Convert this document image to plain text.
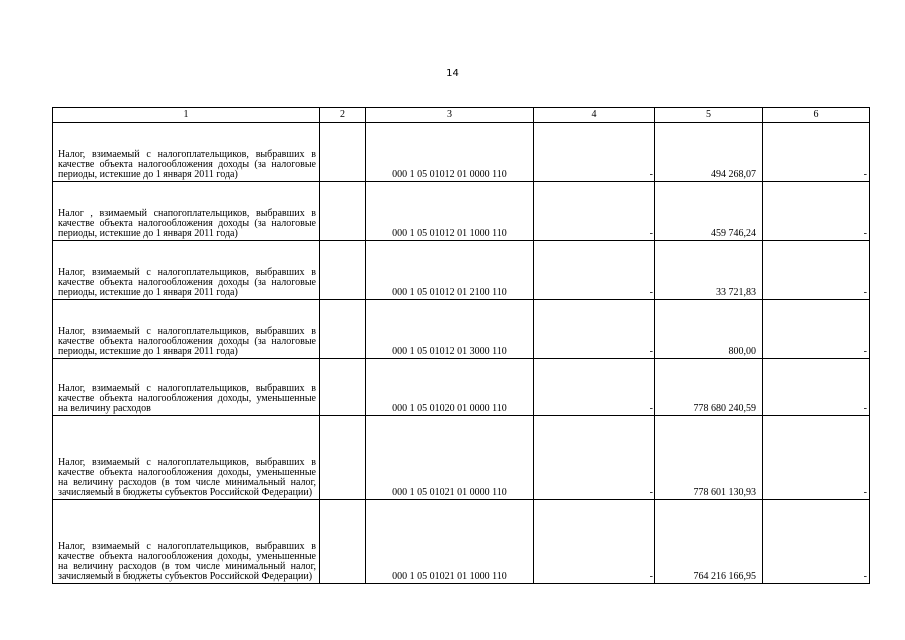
14
1	2	3	4	5	6
Налог, взимаемый с налогоплательщиков, выбравших в качестве объекта налогообложения доходы (за налоговые периоды, истекшие до 1 января 2011 года)		000 1 05 01012 01 0000 110	-	494 268,07	-
Налог , взимаемый снапогоплательщиков, выбравших в качестве объекта налогообложения доходы (за налоговые периоды, истекшие до 1 января 2011 года)		000 1 05 01012 01 1000 110	-	459 746,24	-
Налог, взимаемый с налогоплательщиков, выбравших в качестве объекта налогообложения доходы (за налоговые периоды, истекшие до 1 января 2011 года)		000 1 05 01012 01 2100 110	-	33 721,83	-
Налог, взимаемый с налогоплательщиков, выбравших в качестве объекта налогообложения доходы (за налоговые периоды, истекшие до 1 января 2011 года)		000 1 05 01012 01 3000 110	-	800,00	-
Налог, взимаемый с налогоплательщиков, выбравших в качестве объекта налогообложения доходы, уменьшенные на величину расходов		000 1 05 01020 01 0000 110	-	778 680 240,59	-
Налог, взимаемый с налогоплательщиков, выбравших в качестве объекта налогообложения доходы, уменьшенные на величину расходов (в том числе минимальный налог, зачисляемый в бюджеты субъектов Российской Федерации)		000 1 05 01021 01 0000 110	-	778 601 130,93	-
Налог, взимаемый с налогоплательщиков, выбравших в качестве объекта налогообложения доходы, уменьшенные на величину расходов (в том числе минимальный налог, зачисляемый в бюджеты субъектов Российской Федерации)		000 1 05 01021 01 1000 110	-	764 216 166,95	-
